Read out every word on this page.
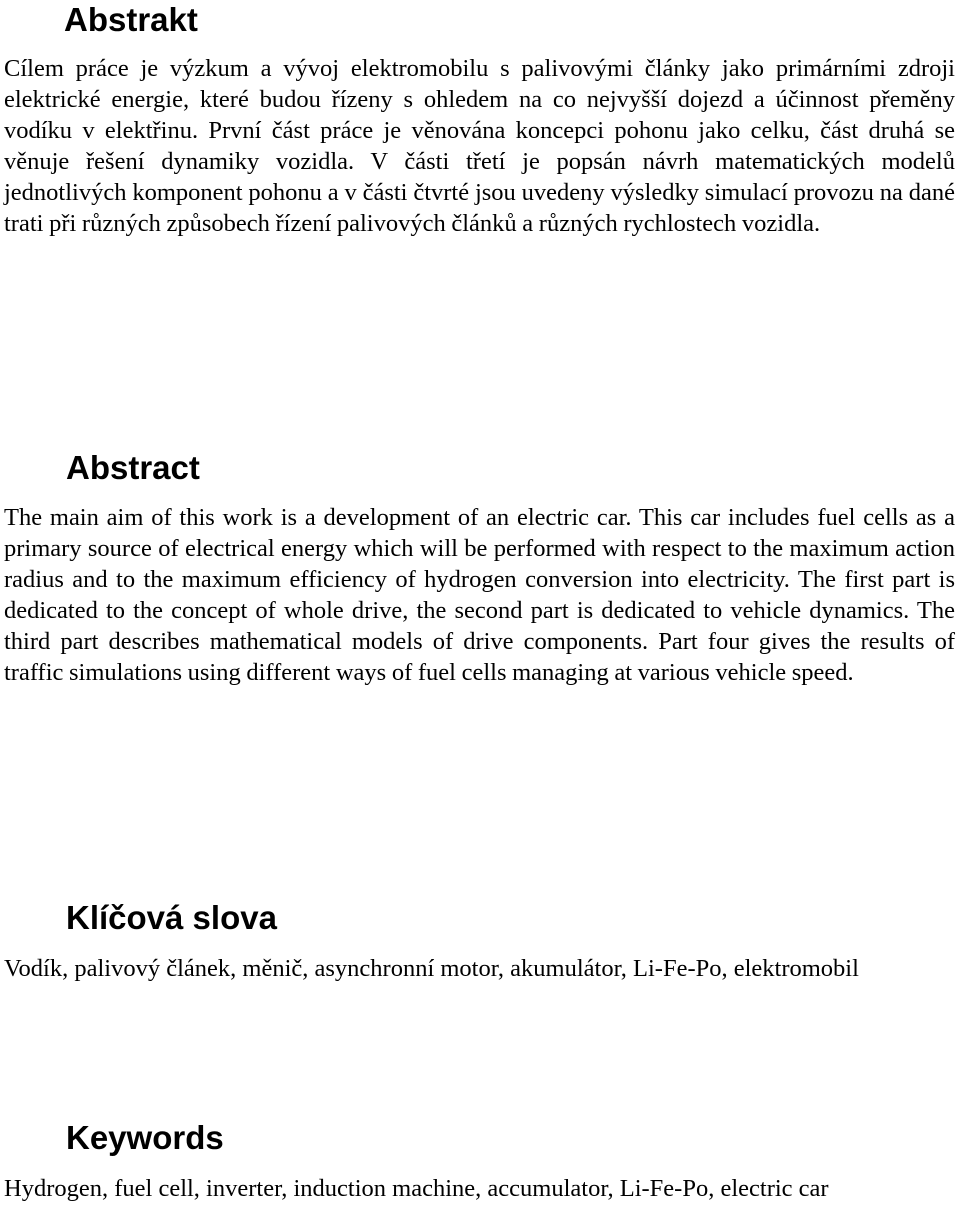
Abstrakt

Cílem práce je výzkum a vývoj elektromobilu s palivovými články jako primárními zdroji elektrické energie, které budou řízeny s ohledem na co nejvyšší dojezd a účinnost přeměny vodíku v elektřinu. První část práce je věnována koncepci pohonu jako celku, část druhá se věnuje řešení dynamiky vozidla. V části třetí je popsán návrh matematických modelů jednotlivých komponent pohonu a v části čtvrté jsou uvedeny výsledky simulací provozu na dané trati při různých způsobech řízení palivových článků a různých rychlostech vozidla.

Abstract

The main aim of this work is a development of an electric car. This car includes fuel cells as a primary source of electrical energy which will be performed with respect to the maximum action radius and to the maximum efficiency of hydrogen conversion into electricity. The first part is dedicated to the concept of whole drive, the second part is dedicated to vehicle dynamics. The third part describes mathematical models of drive components. Part four gives the results of traffic simulations using different ways of fuel cells managing at various vehicle speed.

Klíčová slova

Vodík, palivový článek, měnič, asynchronní motor, akumulátor, Li-Fe-Po, elektromobil

Keywords

Hydrogen, fuel cell, inverter, induction machine, accumulator, Li-Fe-Po, electric car
